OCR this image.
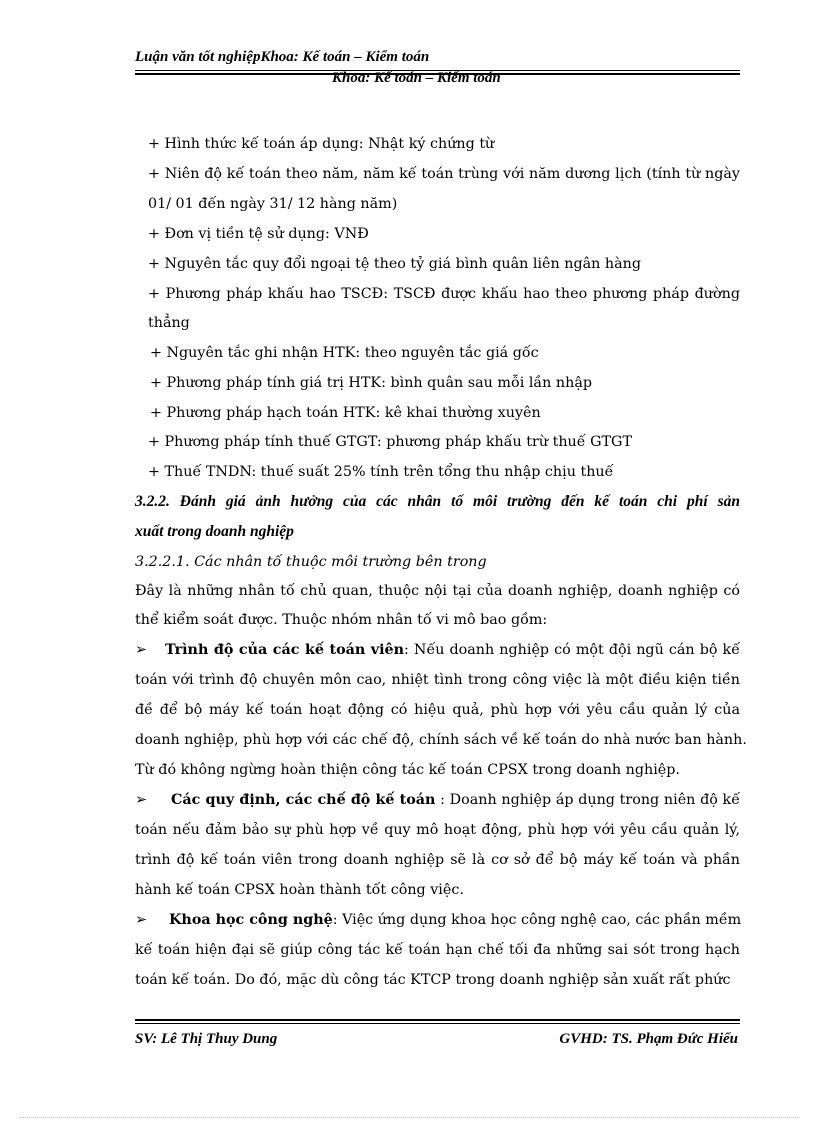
Luận văn tốt nghiệpKhoa: Kế toán – Kiểm toán
Khoa: Kế toán – Kiểm toán
+ Hình thức kế toán áp dụng: Nhật ký chứng từ
+ Niên độ kế toán theo năm, năm kế toán trùng với năm dương lịch (tính từ ngày
01/ 01 đến ngày 31/ 12 hàng năm)
+ Đơn vị tiền tệ sử dụng: VNĐ
+ Nguyên tắc quy đổi ngoại tệ theo tỷ giá bình quân liên ngân hàng
+ Phương pháp khấu hao TSCĐ: TSCĐ được khấu hao theo phương pháp đường
thẳng
+ Nguyên tắc ghi nhận HTK: theo nguyên tắc giá gốc
+ Phương pháp tính giá trị HTK: bình quân sau mỗi lần nhập
+ Phương pháp hạch toán HTK: kê khai thường xuyên
+ Phương pháp tính thuế GTGT: phương pháp khấu trừ thuế GTGT
+ Thuế TNDN: thuế suất 25% tính trên tổng thu nhập chịu thuế
3.2.2. Đánh giá ảnh hưởng của các nhân tố môi trường đến kế toán chi phí sản
xuất trong doanh nghiệp
3.2.2.1. Các nhân tố thuộc môi trường bên trong
Đây là những nhân tố chủ quan, thuộc nội tại của doanh nghiệp, doanh nghiệp có
thể kiểm soát được. Thuộc nhóm nhân tố vi mô bao gồm:
➢ Trình độ của các kế toán viên: Nếu doanh nghiệp có một đội ngũ cán bộ kế
toán với trình độ chuyên môn cao, nhiệt tình trong công việc là một điều kiện tiền
đề để bộ máy kế toán hoạt động có hiệu quả, phù hợp với yêu cầu quản lý của
doanh nghiệp, phù hợp với các chế độ, chính sách về kế toán do nhà nước ban hành.
Từ đó không ngừng hoàn thiện công tác kế toán CPSX trong doanh nghiệp.
➢ Các quy định, các chế độ kế toán : Doanh nghiệp áp dụng trong niên độ kế
toán nếu đảm bảo sự phù hợp về quy mô hoạt động, phù hợp với yêu cầu quản lý,
trình độ kế toán viên trong doanh nghiệp sẽ là cơ sở để bộ máy kế toán và phần
hành kế toán CPSX hoàn thành tốt công việc.
➢ Khoa học công nghệ: Việc ứng dụng khoa học công nghệ cao, các phần mềm
kế toán hiện đại sẽ giúp công tác kế toán hạn chế tối đa những sai sót trong hạch
toán kế toán. Do đó, mặc dù công tác KTCP trong doanh nghiệp sản xuất rất phức
SV: Lê Thị Thuy Dung	GVHD: TS. Phạm Đức Hiếu
